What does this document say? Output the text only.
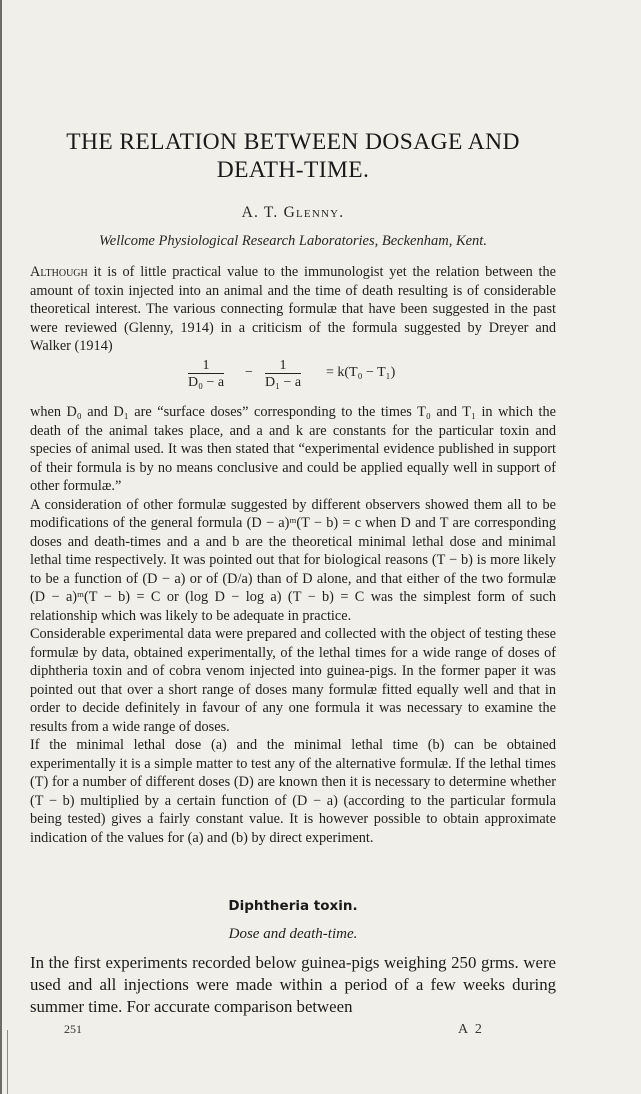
THE RELATION BETWEEN DOSAGE AND
DEATH-TIME.
A. T. Glenny.
Wellcome Physiological Research Laboratories, Beckenham, Kent.

Although it is of little practical value to the immunologist yet the relation between the amount of toxin injected into an animal and the time of death resulting is of considerable theoretical interest. The various connecting formulæ that have been suggested in the past were reviewed (Glenny, 1914) in a criticism of the formula suggested by Dreyer and Walker (1914)

$\frac{1}{\text{D₀ − a}} - \frac{1}{\text{D₁ − a}} = k(T_0 - T_1)$

when D₀ and D₁ are “surface doses” corresponding to the times T₀ and T₁ in which the death of the animal takes place, and a and k are constants for the particular toxin and species of animal used. It was then stated that “experimental evidence published in support of their formula is by no means conclusive and could be applied equally well in support of other formulæ.”

A consideration of other formulæ suggested by different observers showed them all to be modifications of the general formula (D − a)ᵐ(T − b) = c when D and T are corresponding doses and death-times and a and b are the theoretical minimal lethal dose and minimal lethal time respectively. It was pointed out that for biological reasons (T − b) is more likely to be a function of (D − a) or of (D/a) than of D alone, and that either of the two formulæ (D − a)ᵐ(T − b) = C or (log D − log a) (T − b) = C was the simplest form of such relationship which was likely to be adequate in practice.

Considerable experimental data were prepared and collected with the object of testing these formulæ by data, obtained experimentally, of the lethal times for a wide range of doses of diphtheria toxin and of cobra venom injected into guinea-pigs. In the former paper it was pointed out that over a short range of doses many formulæ fitted equally well and that in order to decide definitely in favour of any one formula it was necessary to examine the results from a wide range of doses.

If the minimal lethal dose (a) and the minimal lethal time (b) can be obtained experimentally it is a simple matter to test any of the alternative formulæ. If the lethal times (T) for a number of different doses (D) are known then it is necessary to determine whether (T − b) multiplied by a certain function of (D − a) (according to the particular formula being tested) gives a fairly constant value. It is however possible to obtain approximate indication of the values for (a) and (b) by direct experiment.

Diphtheria toxin.
Dose and death-time.
In the first experiments recorded below guinea-pigs weighing 250 grms. were used and all injections were made within a period of a few weeks during summer time. For accurate comparison between
251	A 2
